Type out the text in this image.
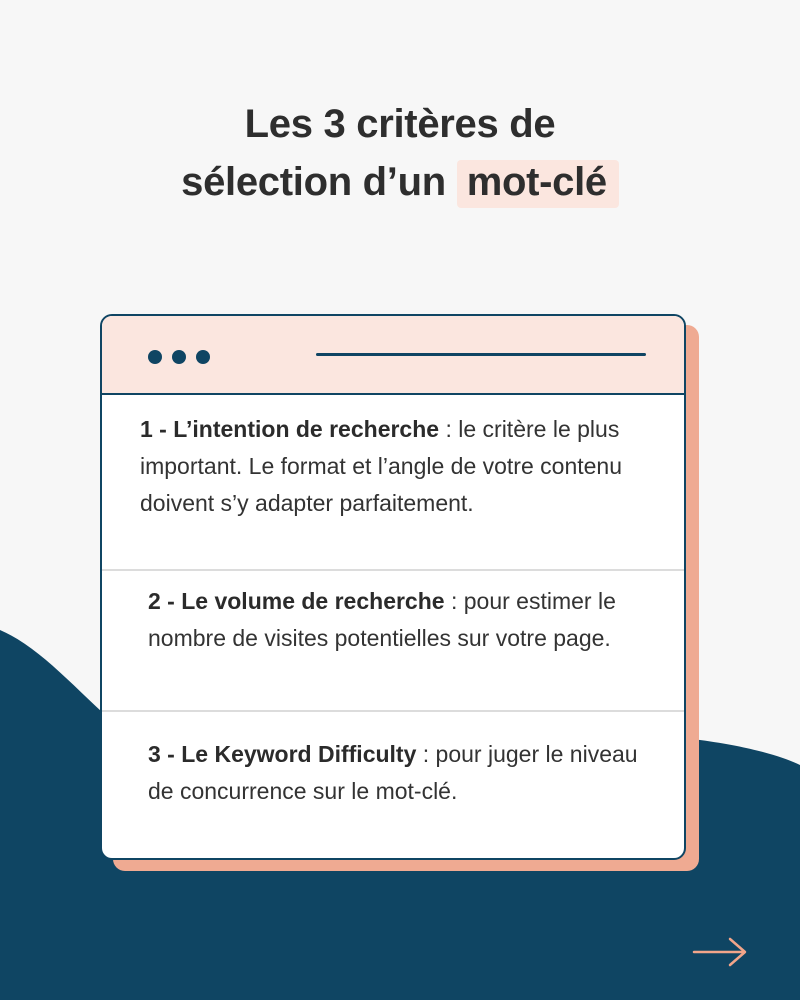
Les 3 critères de
sélection d’un mot-clé
1 - L’intention de recherche : le critère le plus important. Le format et l’angle de votre contenu doivent s’y adapter parfaitement.
2 - Le volume de recherche : pour estimer le nombre de visites potentielles sur votre page.
3 - Le Keyword Difficulty : pour juger le niveau de concurrence sur le mot-clé.
